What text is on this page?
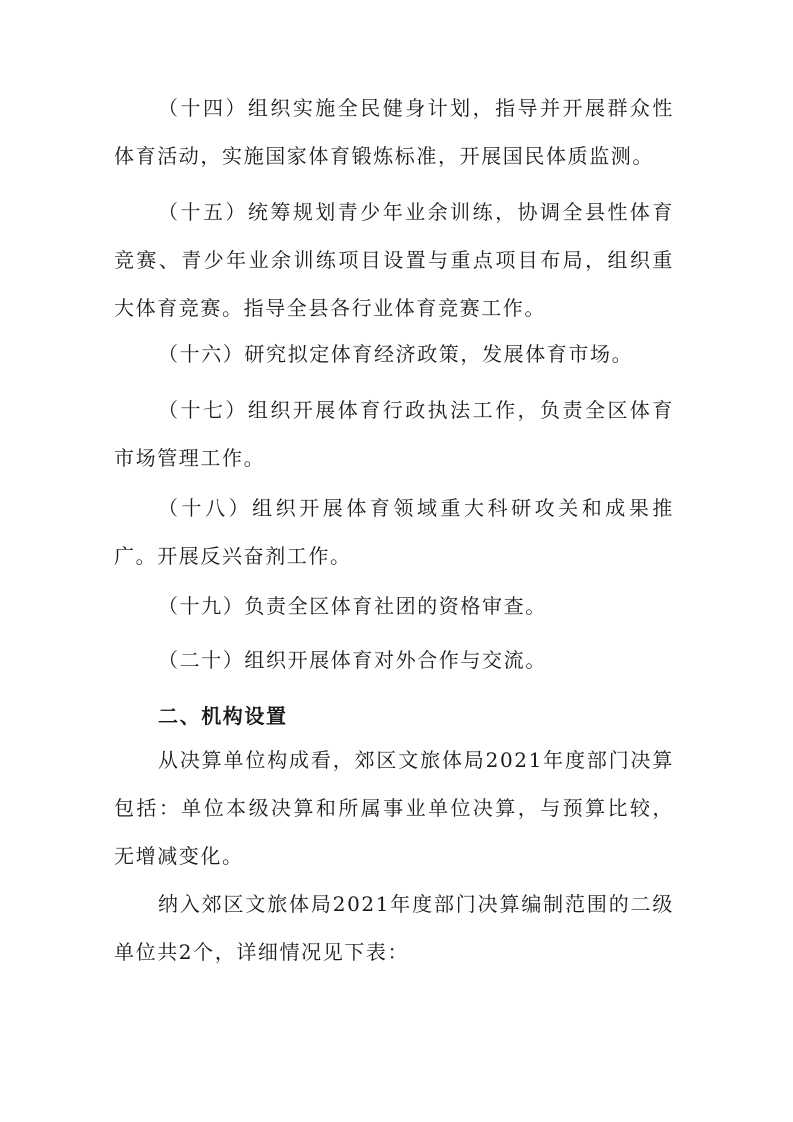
（十四）组织实施全民健身计划，指导并开展群众性体育活动，实施国家体育锻炼标准，开展国民体质监测。

（十五）统筹规划青少年业余训练，协调全县性体育竞赛、青少年业余训练项目设置与重点项目布局，组织重大体育竞赛。指导全县各行业体育竞赛工作。

（十六）研究拟定体育经济政策，发展体育市场。

（十七）组织开展体育行政执法工作，负责全区体育市场管理工作。

（十八）组织开展体育领域重大科研攻关和成果推广。开展反兴奋剂工作。

（十九）负责全区体育社团的资格审查。

（二十）组织开展体育对外合作与交流。

二、机构设置

从决算单位构成看，郊区文旅体局2021年度部门决算包括：单位本级决算和所属事业单位决算，与预算比较，无增减变化。

纳入郊区文旅体局2021年度部门决算编制范围的二级单位共2个，详细情况见下表：
